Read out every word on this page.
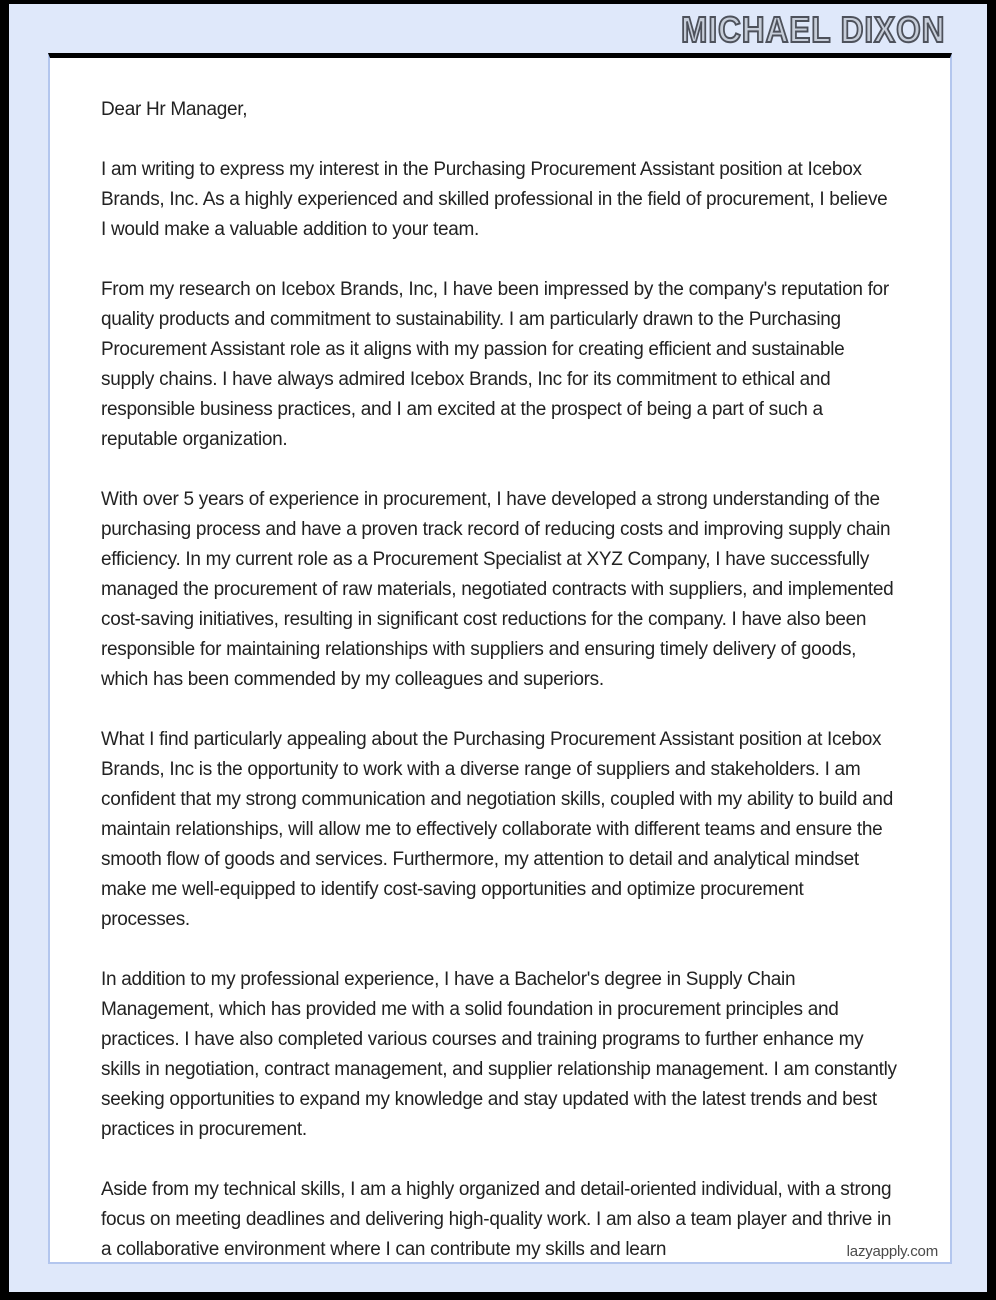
MICHAEL DIXON

Dear Hr Manager,

I am writing to express my interest in the Purchasing Procurement Assistant position at Icebox Brands, Inc. As a highly experienced and skilled professional in the field of procurement, I believe I would make a valuable addition to your team.

From my research on Icebox Brands, Inc, I have been impressed by the company's reputation for quality products and commitment to sustainability. I am particularly drawn to the Purchasing Procurement Assistant role as it aligns with my passion for creating efficient and sustainable supply chains. I have always admired Icebox Brands, Inc for its commitment to ethical and responsible business practices, and I am excited at the prospect of being a part of such a reputable organization.

With over 5 years of experience in procurement, I have developed a strong understanding of the purchasing process and have a proven track record of reducing costs and improving supply chain efficiency. In my current role as a Procurement Specialist at XYZ Company, I have successfully managed the procurement of raw materials, negotiated contracts with suppliers, and implemented cost-saving initiatives, resulting in significant cost reductions for the company. I have also been responsible for maintaining relationships with suppliers and ensuring timely delivery of goods, which has been commended by my colleagues and superiors.

What I find particularly appealing about the Purchasing Procurement Assistant position at Icebox Brands, Inc is the opportunity to work with a diverse range of suppliers and stakeholders. I am confident that my strong communication and negotiation skills, coupled with my ability to build and maintain relationships, will allow me to effectively collaborate with different teams and ensure the smooth flow of goods and services. Furthermore, my attention to detail and analytical mindset make me well-equipped to identify cost-saving opportunities and optimize procurement processes.

In addition to my professional experience, I have a Bachelor's degree in Supply Chain Management, which has provided me with a solid foundation in procurement principles and practices. I have also completed various courses and training programs to further enhance my skills in negotiation, contract management, and supplier relationship management. I am constantly seeking opportunities to expand my knowledge and stay updated with the latest trends and best practices in procurement.

Aside from my technical skills, I am a highly organized and detail-oriented individual, with a strong focus on meeting deadlines and delivering high-quality work. I am also a team player and thrive in a collaborative environment where I can contribute my skills and learn	lazyapply.com
